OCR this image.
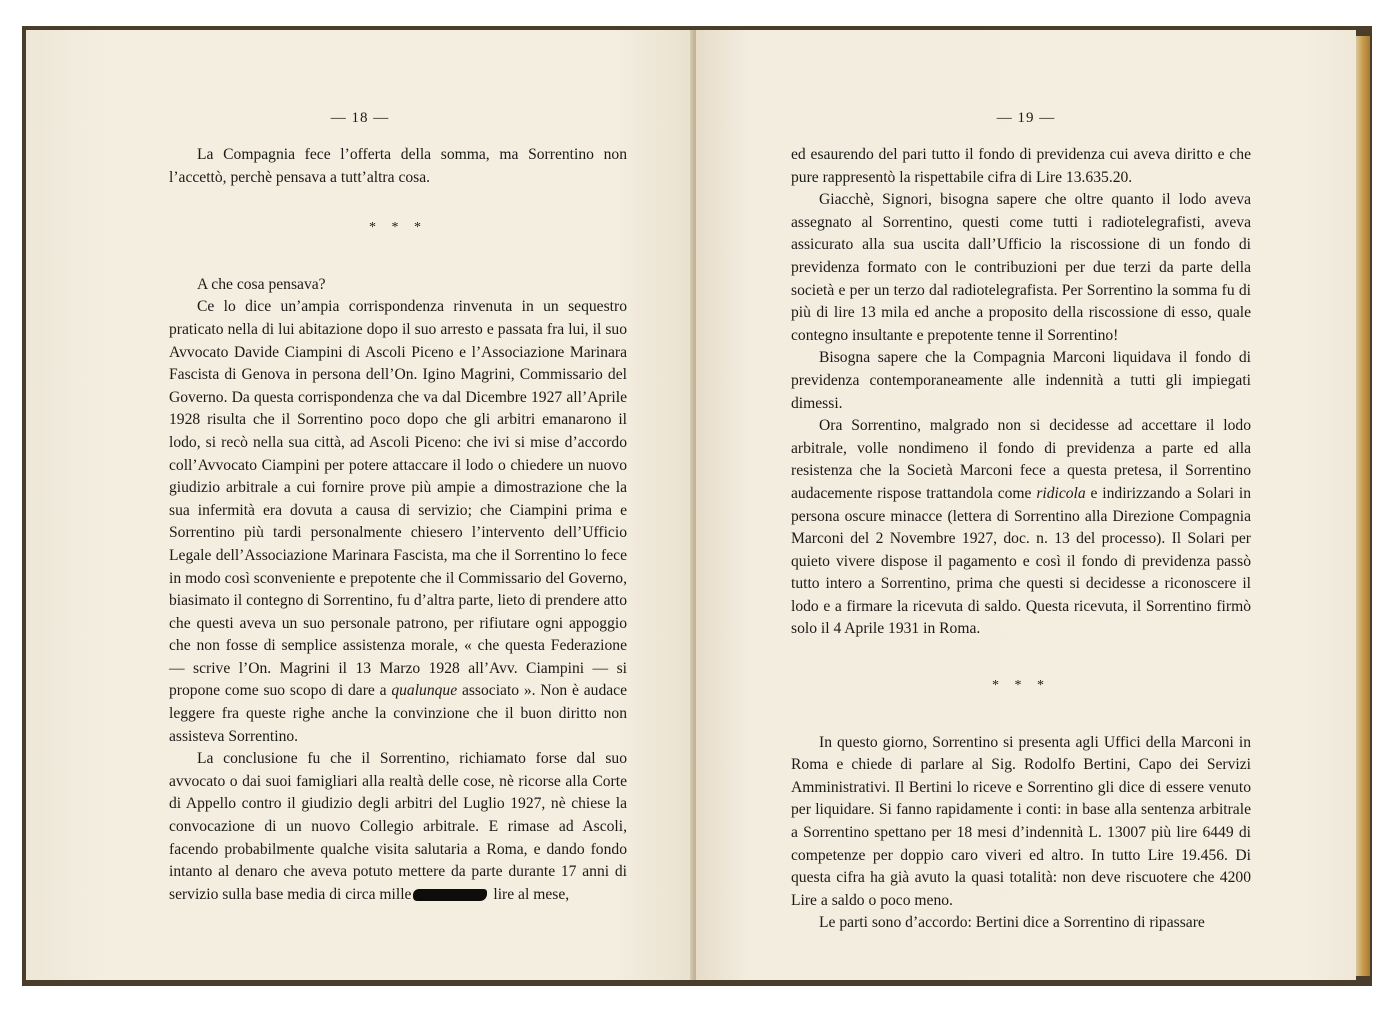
— 18 —

La Compagnia fece l’offerta della somma, ma Sorrentino non l’accettò, perchè pensava a tutt’altra cosa.

* * *

A che cosa pensava?

Ce lo dice un’ampia corrispondenza rinvenuta in un sequestro praticato nella di lui abitazione dopo il suo arresto e passata fra lui, il suo Avvocato Davide Ciampini di Ascoli Piceno e l’Associazione Marinara Fascista di Genova in persona dell’On. Igino Magrini, Commissario del Governo. Da questa corrispondenza che va dal Dicembre 1927 all’Aprile 1928 risulta che il Sorrentino poco dopo che gli arbitri emanarono il lodo, si recò nella sua città, ad Ascoli Piceno: che ivi si mise d’accordo coll’Avvocato Ciampini per potere attaccare il lodo o chiedere un nuovo giudizio arbitrale a cui fornire prove più ampie a dimostrazione che la sua infermità era dovuta a causa di servizio; che Ciampini prima e Sorrentino più tardi personalmente chiesero l’intervento dell’Ufficio Legale dell’Associazione Marinara Fascista, ma che il Sorrentino lo fece in modo così sconveniente e prepotente che il Commissario del Governo, biasimato il contegno di Sorrentino, fu d’altra parte, lieto di prendere atto che questi aveva un suo personale patrono, per rifiutare ogni appoggio che non fosse di semplice assistenza morale, « che questa Federazione — scrive l’On. Magrini il 13 Marzo 1928 all’Avv. Ciampini — si propone come suo scopo di dare a qualunque associato ». Non è audace leggere fra queste righe anche la convinzione che il buon diritto non assisteva Sorrentino.

La conclusione fu che il Sorrentino, richiamato forse dal suo avvocato o dai suoi famigliari alla realtà delle cose, nè ricorse alla Corte di Appello contro il giudizio degli arbitri del Luglio 1927, nè chiese la convocazione di un nuovo Collegio arbitrale. E rimase ad Ascoli, facendo probabilmente qualche visita salutaria a Roma, e dando fondo intanto al denaro che aveva potuto mettere da parte durante 17 anni di servizio sulla base media di circa mille	lire al mese,

— 19 —

ed esaurendo del pari tutto il fondo di previdenza cui aveva diritto e che pure rappresentò la rispettabile cifra di Lire 13.635.20.

Giacchè, Signori, bisogna sapere che oltre quanto il lodo aveva assegnato al Sorrentino, questi come tutti i radiotelegrafisti, aveva assicurato alla sua uscita dall’Ufficio la riscossione di un fondo di previdenza formato con le contribuzioni per due terzi da parte della società e per un terzo dal radiotelegrafista. Per Sorrentino la somma fu di più di lire 13 mila ed anche a proposito della riscossione di esso, quale contegno insultante e prepotente tenne il Sorrentino!

Bisogna sapere che la Compagnia Marconi liquidava il fondo di previdenza contemporaneamente alle indennità a tutti gli impiegati dimessi.

Ora Sorrentino, malgrado non si decidesse ad accettare il lodo arbitrale, volle nondimeno il fondo di previdenza a parte ed alla resistenza che la Società Marconi fece a questa pretesa, il Sorrentino audacemente rispose trattandola come ridicola e indirizzando a Solari in persona oscure minacce (lettera di Sorrentino alla Direzione Compagnia Marconi del 2 Novembre 1927, doc. n. 13 del processo). Il Solari per quieto vivere dispose il pagamento e così il fondo di previdenza passò tutto intero a Sorrentino, prima che questi si decidesse a riconoscere il lodo e a firmare la ricevuta di saldo. Questa ricevuta, il Sorrentino firmò solo il 4 Aprile 1931 in Roma.

* * *

In questo giorno, Sorrentino si presenta agli Uffici della Marconi in Roma e chiede di parlare al Sig. Rodolfo Bertini, Capo dei Servizi Amministrativi. Il Bertini lo riceve e Sorrentino gli dice di essere venuto per liquidare. Si fanno rapidamente i conti: in base alla sentenza arbitrale a Sorrentino spettano per 18 mesi d’indennità L. 13007 più lire 6449 di competenze per doppio caro viveri ed altro. In tutto Lire 19.456. Di questa cifra ha già avuto la quasi totalità: non deve riscuotere che 4200 Lire a saldo o poco meno.

Le parti sono d’accordo: Bertini dice a Sorrentino di ripassare
